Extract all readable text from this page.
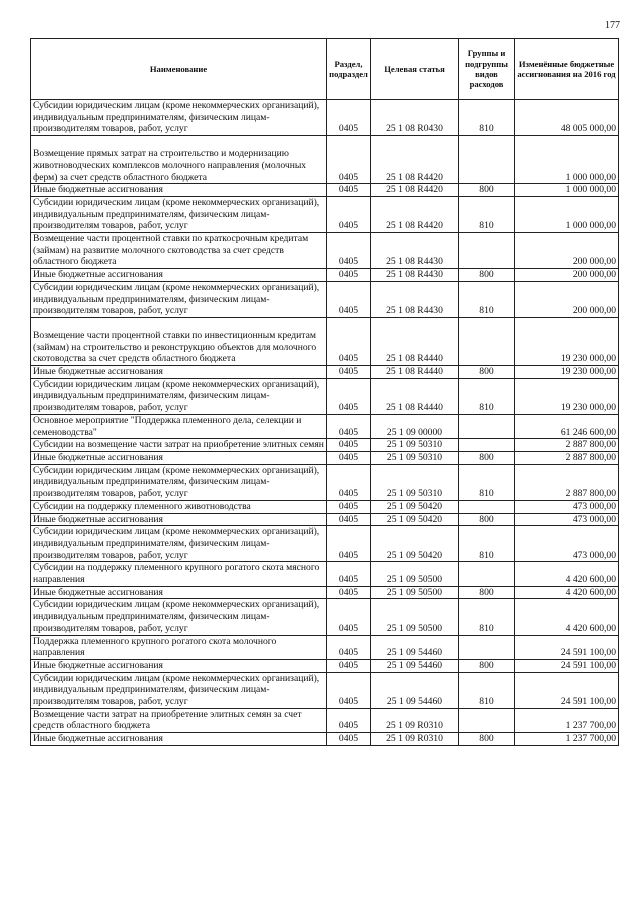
177
Наименование	Раздел, подраздел	Целевая статья	Группы и подгруппы видов расходов	Изменённые бюджетные ассигнования на 2016 год
Субсидии юридическим лицам (кроме некоммерческих организаций), индивидуальным предпринимателям, физическим лицам-производителям товаров, работ, услуг	0405	25 1 08 R0430	810	48 005 000,00

Возмещение прямых затрат на строительство и модернизацию животноводческих комплексов молочного направления (молочных ферм) за счет средств областного бюджета	0405	25 1 08 R4420		1 000 000,00
Иные бюджетные ассигнования	0405	25 1 08 R4420	800	1 000 000,00
Субсидии юридическим лицам (кроме некоммерческих организаций), индивидуальным предпринимателям, физическим лицам-производителям товаров, работ, услуг	0405	25 1 08 R4420	810	1 000 000,00
Возмещение части процентной ставки по краткосрочным кредитам (займам) на развитие молочного скотоводства за счет средств областного бюджета	0405	25 1 08 R4430		200 000,00
Иные бюджетные ассигнования	0405	25 1 08 R4430	800	200 000,00
Субсидии юридическим лицам (кроме некоммерческих организаций), индивидуальным предпринимателям, физическим лицам-производителям товаров, работ, услуг	0405	25 1 08 R4430	810	200 000,00

Возмещение части процентной ставки по инвестиционным кредитам (займам) на строительство и реконструкцию объектов для молочного скотоводства за счет средств областного бюджета	0405	25 1 08 R4440		19 230 000,00
Иные бюджетные ассигнования	0405	25 1 08 R4440	800	19 230 000,00
Субсидии юридическим лицам (кроме некоммерческих организаций), индивидуальным предпринимателям, физическим лицам-производителям товаров, работ, услуг	0405	25 1 08 R4440	810	19 230 000,00
Основное мероприятие "Поддержка племенного дела, селекции и семеноводства"	0405	25 1 09 00000		61 246 600,00
Субсидии на возмещение части затрат на приобретение элитных семян	0405	25 1 09 50310		2 887 800,00
Иные бюджетные ассигнования	0405	25 1 09 50310	800	2 887 800,00
Субсидии юридическим лицам (кроме некоммерческих организаций), индивидуальным предпринимателям, физическим лицам-производителям товаров, работ, услуг	0405	25 1 09 50310	810	2 887 800,00
Субсидии на поддержку племенного животноводства	0405	25 1 09 50420		473 000,00
Иные бюджетные ассигнования	0405	25 1 09 50420	800	473 000,00
Субсидии юридическим лицам (кроме некоммерческих организаций), индивидуальным предпринимателям, физическим лицам-производителям товаров, работ, услуг	0405	25 1 09 50420	810	473 000,00
Субсидии на поддержку племенного крупного рогатого скота мясного направления	0405	25 1 09 50500		4 420 600,00
Иные бюджетные ассигнования	0405	25 1 09 50500	800	4 420 600,00
Субсидии юридическим лицам (кроме некоммерческих организаций), индивидуальным предпринимателям, физическим лицам-производителям товаров, работ, услуг	0405	25 1 09 50500	810	4 420 600,00
Поддержка племенного крупного рогатого скота молочного направления	0405	25 1 09 54460		24 591 100,00
Иные бюджетные ассигнования	0405	25 1 09 54460	800	24 591 100,00
Субсидии юридическим лицам (кроме некоммерческих организаций), индивидуальным предпринимателям, физическим лицам-производителям товаров, работ, услуг	0405	25 1 09 54460	810	24 591 100,00
Возмещение части затрат на приобретение элитных семян за счет средств областного бюджета	0405	25 1 09 R0310		1 237 700,00
Иные бюджетные ассигнования	0405	25 1 09 R0310	800	1 237 700,00
